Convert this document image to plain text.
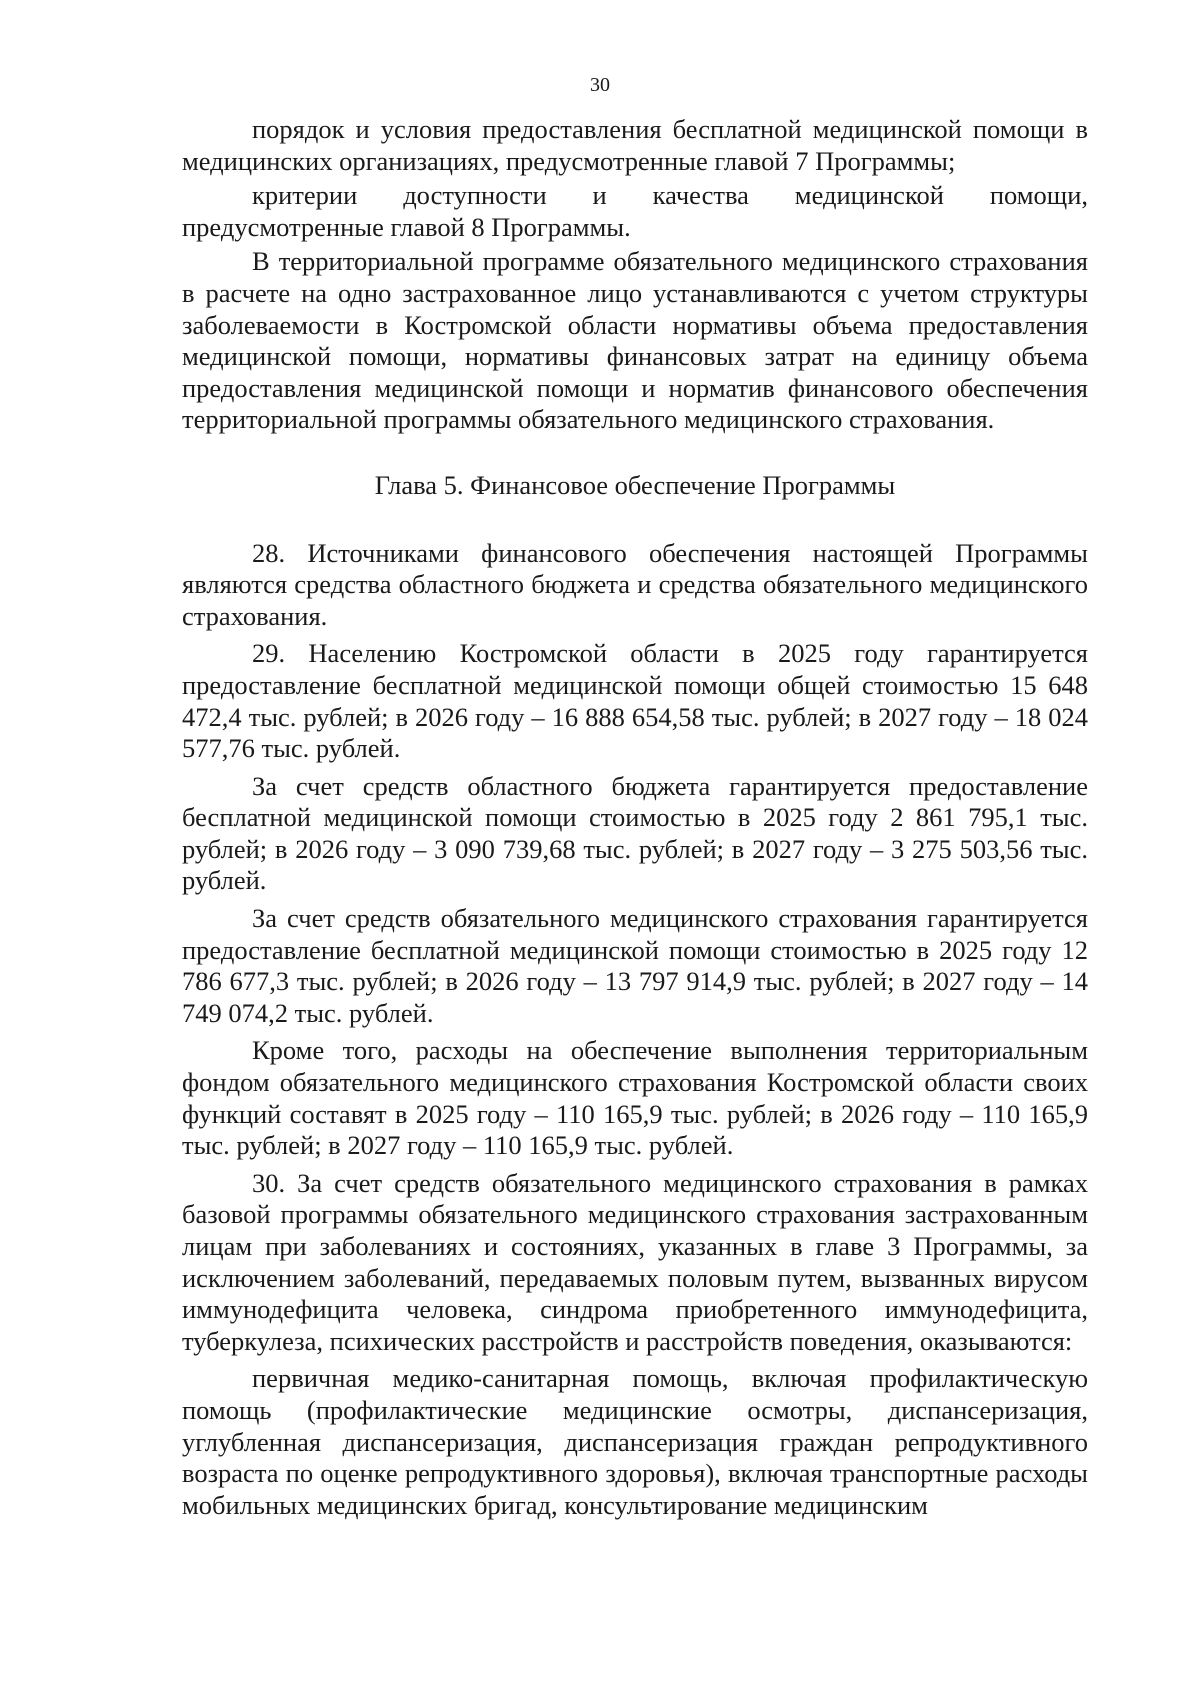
30

порядок и условия предоставления бесплатной медицинской помощи в медицинских организациях, предусмотренные главой 7 Программы;

критерии доступности и качества медицинской помощи, предусмотренные главой 8 Программы.

В территориальной программе обязательного медицинского страхования в расчете на одно застрахованное лицо устанавливаются с учетом структуры заболеваемости в Костромской области нормативы объема предоставления медицинской помощи, нормативы финансовых затрат на единицу объема предоставления медицинской помощи и норматив финансового обеспечения территориальной программы обязательного медицинского страхования.

Глава 5. Финансовое обеспечение Программы

28. Источниками финансового обеспечения настоящей Программы являются средства областного бюджета и средства обязательного медицинского страхования.

29. Населению Костромской области в 2025 году гарантируется предоставление бесплатной медицинской помощи общей стоимостью 15 648 472,4 тыс. рублей; в 2026 году – 16 888 654,58 тыс. рублей; в 2027 году – 18 024 577,76 тыс. рублей.

За счет средств областного бюджета гарантируется предоставление бесплатной медицинской помощи стоимостью в 2025 году 2 861 795,1 тыс. рублей; в 2026 году – 3 090 739,68 тыс. рублей; в 2027 году – 3 275 503,56 тыс. рублей.

За счет средств обязательного медицинского страхования гарантируется предоставление бесплатной медицинской помощи стоимостью в 2025 году 12 786 677,3 тыс. рублей; в 2026 году – 13 797 914,9 тыс. рублей; в 2027 году – 14 749 074,2 тыс. рублей.

Кроме того, расходы на обеспечение выполнения территориальным фондом обязательного медицинского страхования Костромской области своих функций составят в 2025 году – 110 165,9 тыс. рублей; в 2026 году – 110 165,9 тыс. рублей; в 2027 году – 110 165,9 тыс. рублей.

30. За счет средств обязательного медицинского страхования в рамках базовой программы обязательного медицинского страхования застрахованным лицам при заболеваниях и состояниях, указанных в главе 3 Программы, за исключением заболеваний, передаваемых половым путем, вызванных вирусом иммунодефицита человека, синдрома приобретенного иммунодефицита, туберкулеза, психических расстройств и расстройств поведения, оказываются:

первичная медико-санитарная помощь, включая профилактическую помощь (профилактические медицинские осмотры, диспансеризация, углубленная диспансеризация, диспансеризация граждан репродуктивного возраста по оценке репродуктивного здоровья), включая транспортные расходы мобильных медицинских бригад, консультирование медицинским
